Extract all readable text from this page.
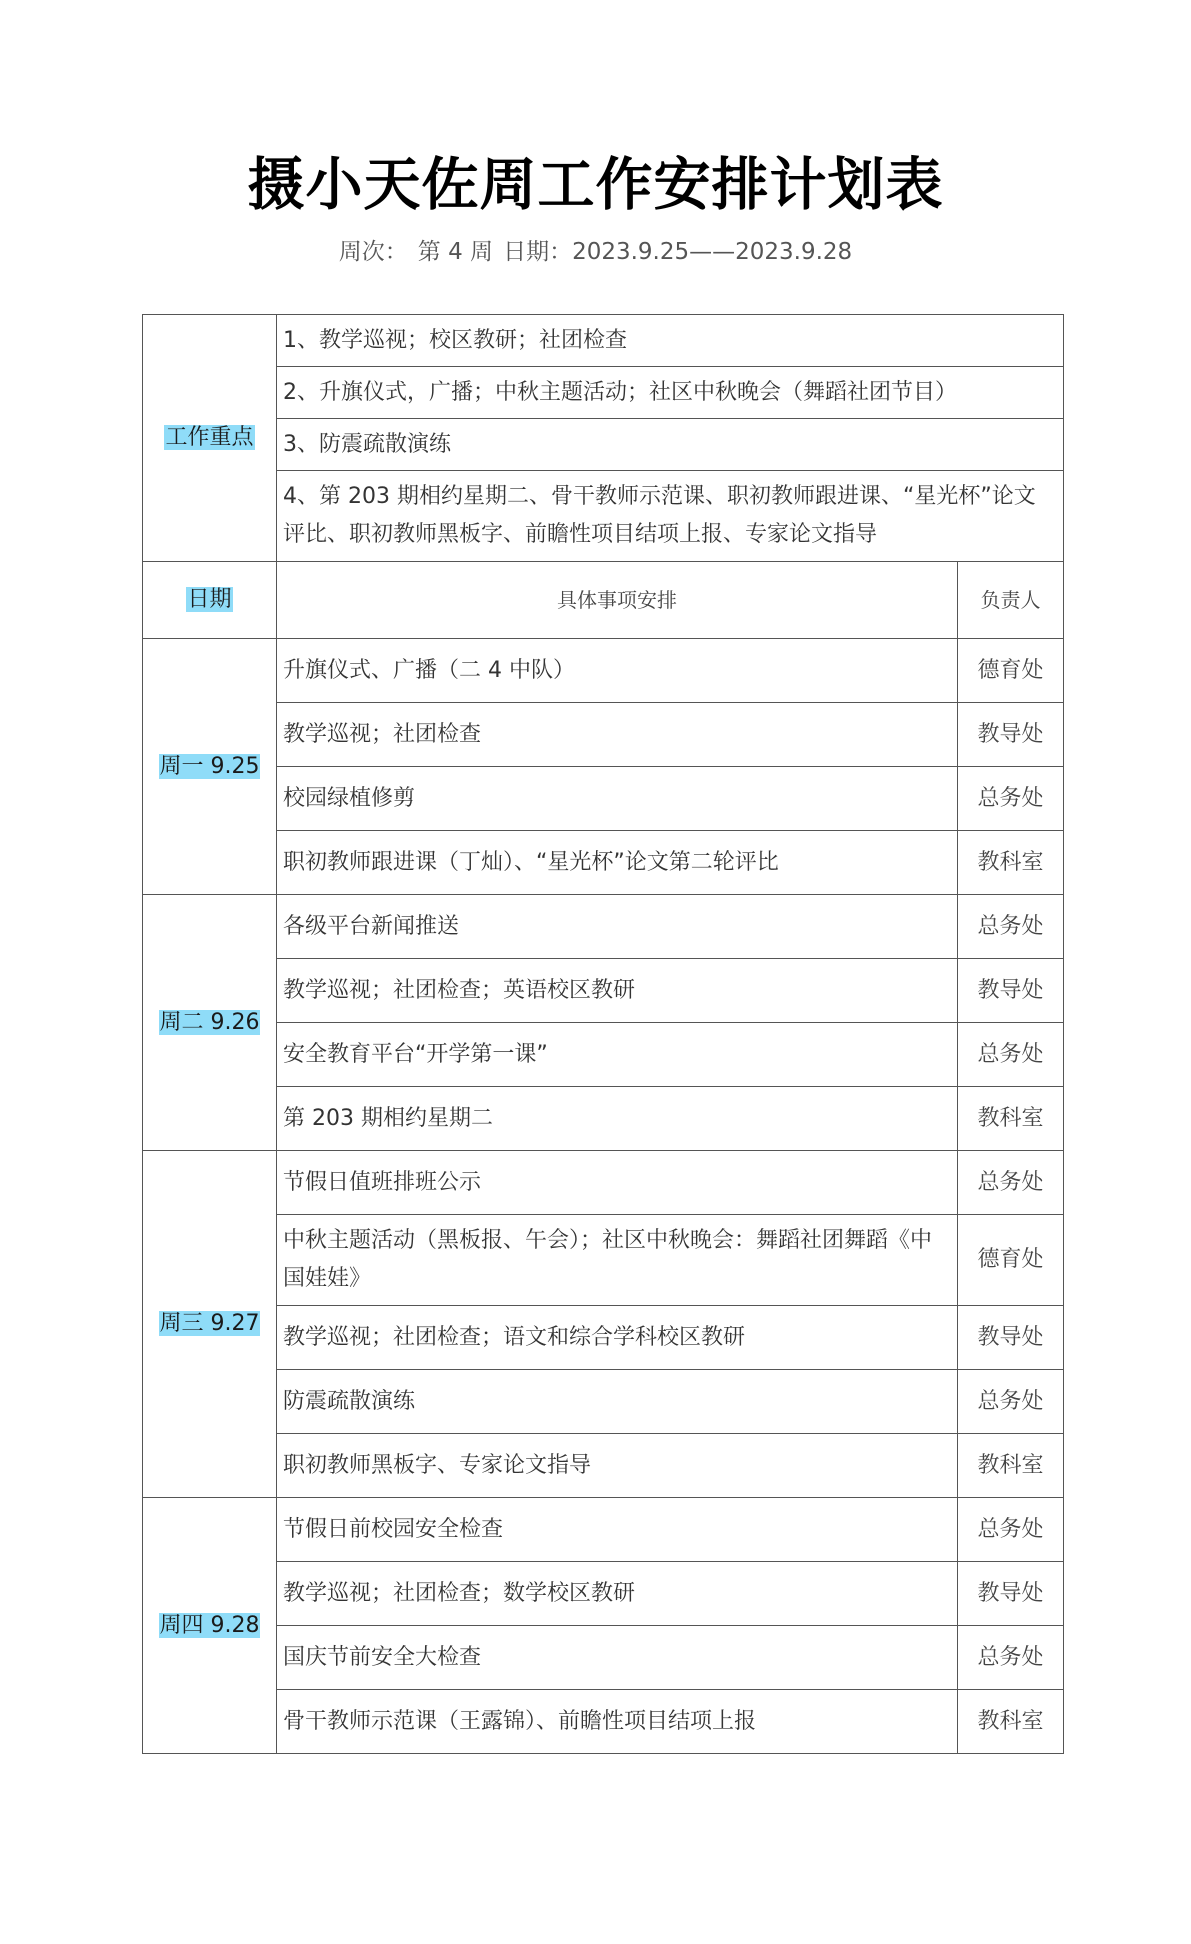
摄小天佐周工作安排计划表
周次： 第 4 周 日期：2023.9.25——2023.9.28
工作重点	1、教学巡视；校区教研；社团检查	
	2、升旗仪式，广播；中秋主题活动；社区中秋晚会（舞蹈社团节目）	
	3、防震疏散演练	
	4、第 203 期相约星期二、骨干教师示范课、职初教师跟进课、“星光杯”论文评比、职初教师黑板字、前瞻性项目结项上报、专家论文指导	
日期	具体事项安排	负责人
周一 9.25	升旗仪式、广播（二 4 中队）	德育处
	教学巡视；社团检查	教导处
	校园绿植修剪	总务处
	职初教师跟进课（丁灿）、“星光杯”论文第二轮评比	教科室
周二 9.26	各级平台新闻推送	总务处
	教学巡视；社团检查；英语校区教研	教导处
	安全教育平台“开学第一课”	总务处
	第 203 期相约星期二	教科室
周三 9.27	节假日值班排班公示	总务处
	中秋主题活动（黑板报、午会）；社区中秋晚会：舞蹈社团舞蹈《中国娃娃》	德育处
	教学巡视；社团检查；语文和综合学科校区教研	教导处
	防震疏散演练	总务处
	职初教师黑板字、专家论文指导	教科室
周四 9.28	节假日前校园安全检查	总务处
	教学巡视；社团检查；数学校区教研	教导处
	国庆节前安全大检查	总务处
	骨干教师示范课（王露锦）、前瞻性项目结项上报	教科室
